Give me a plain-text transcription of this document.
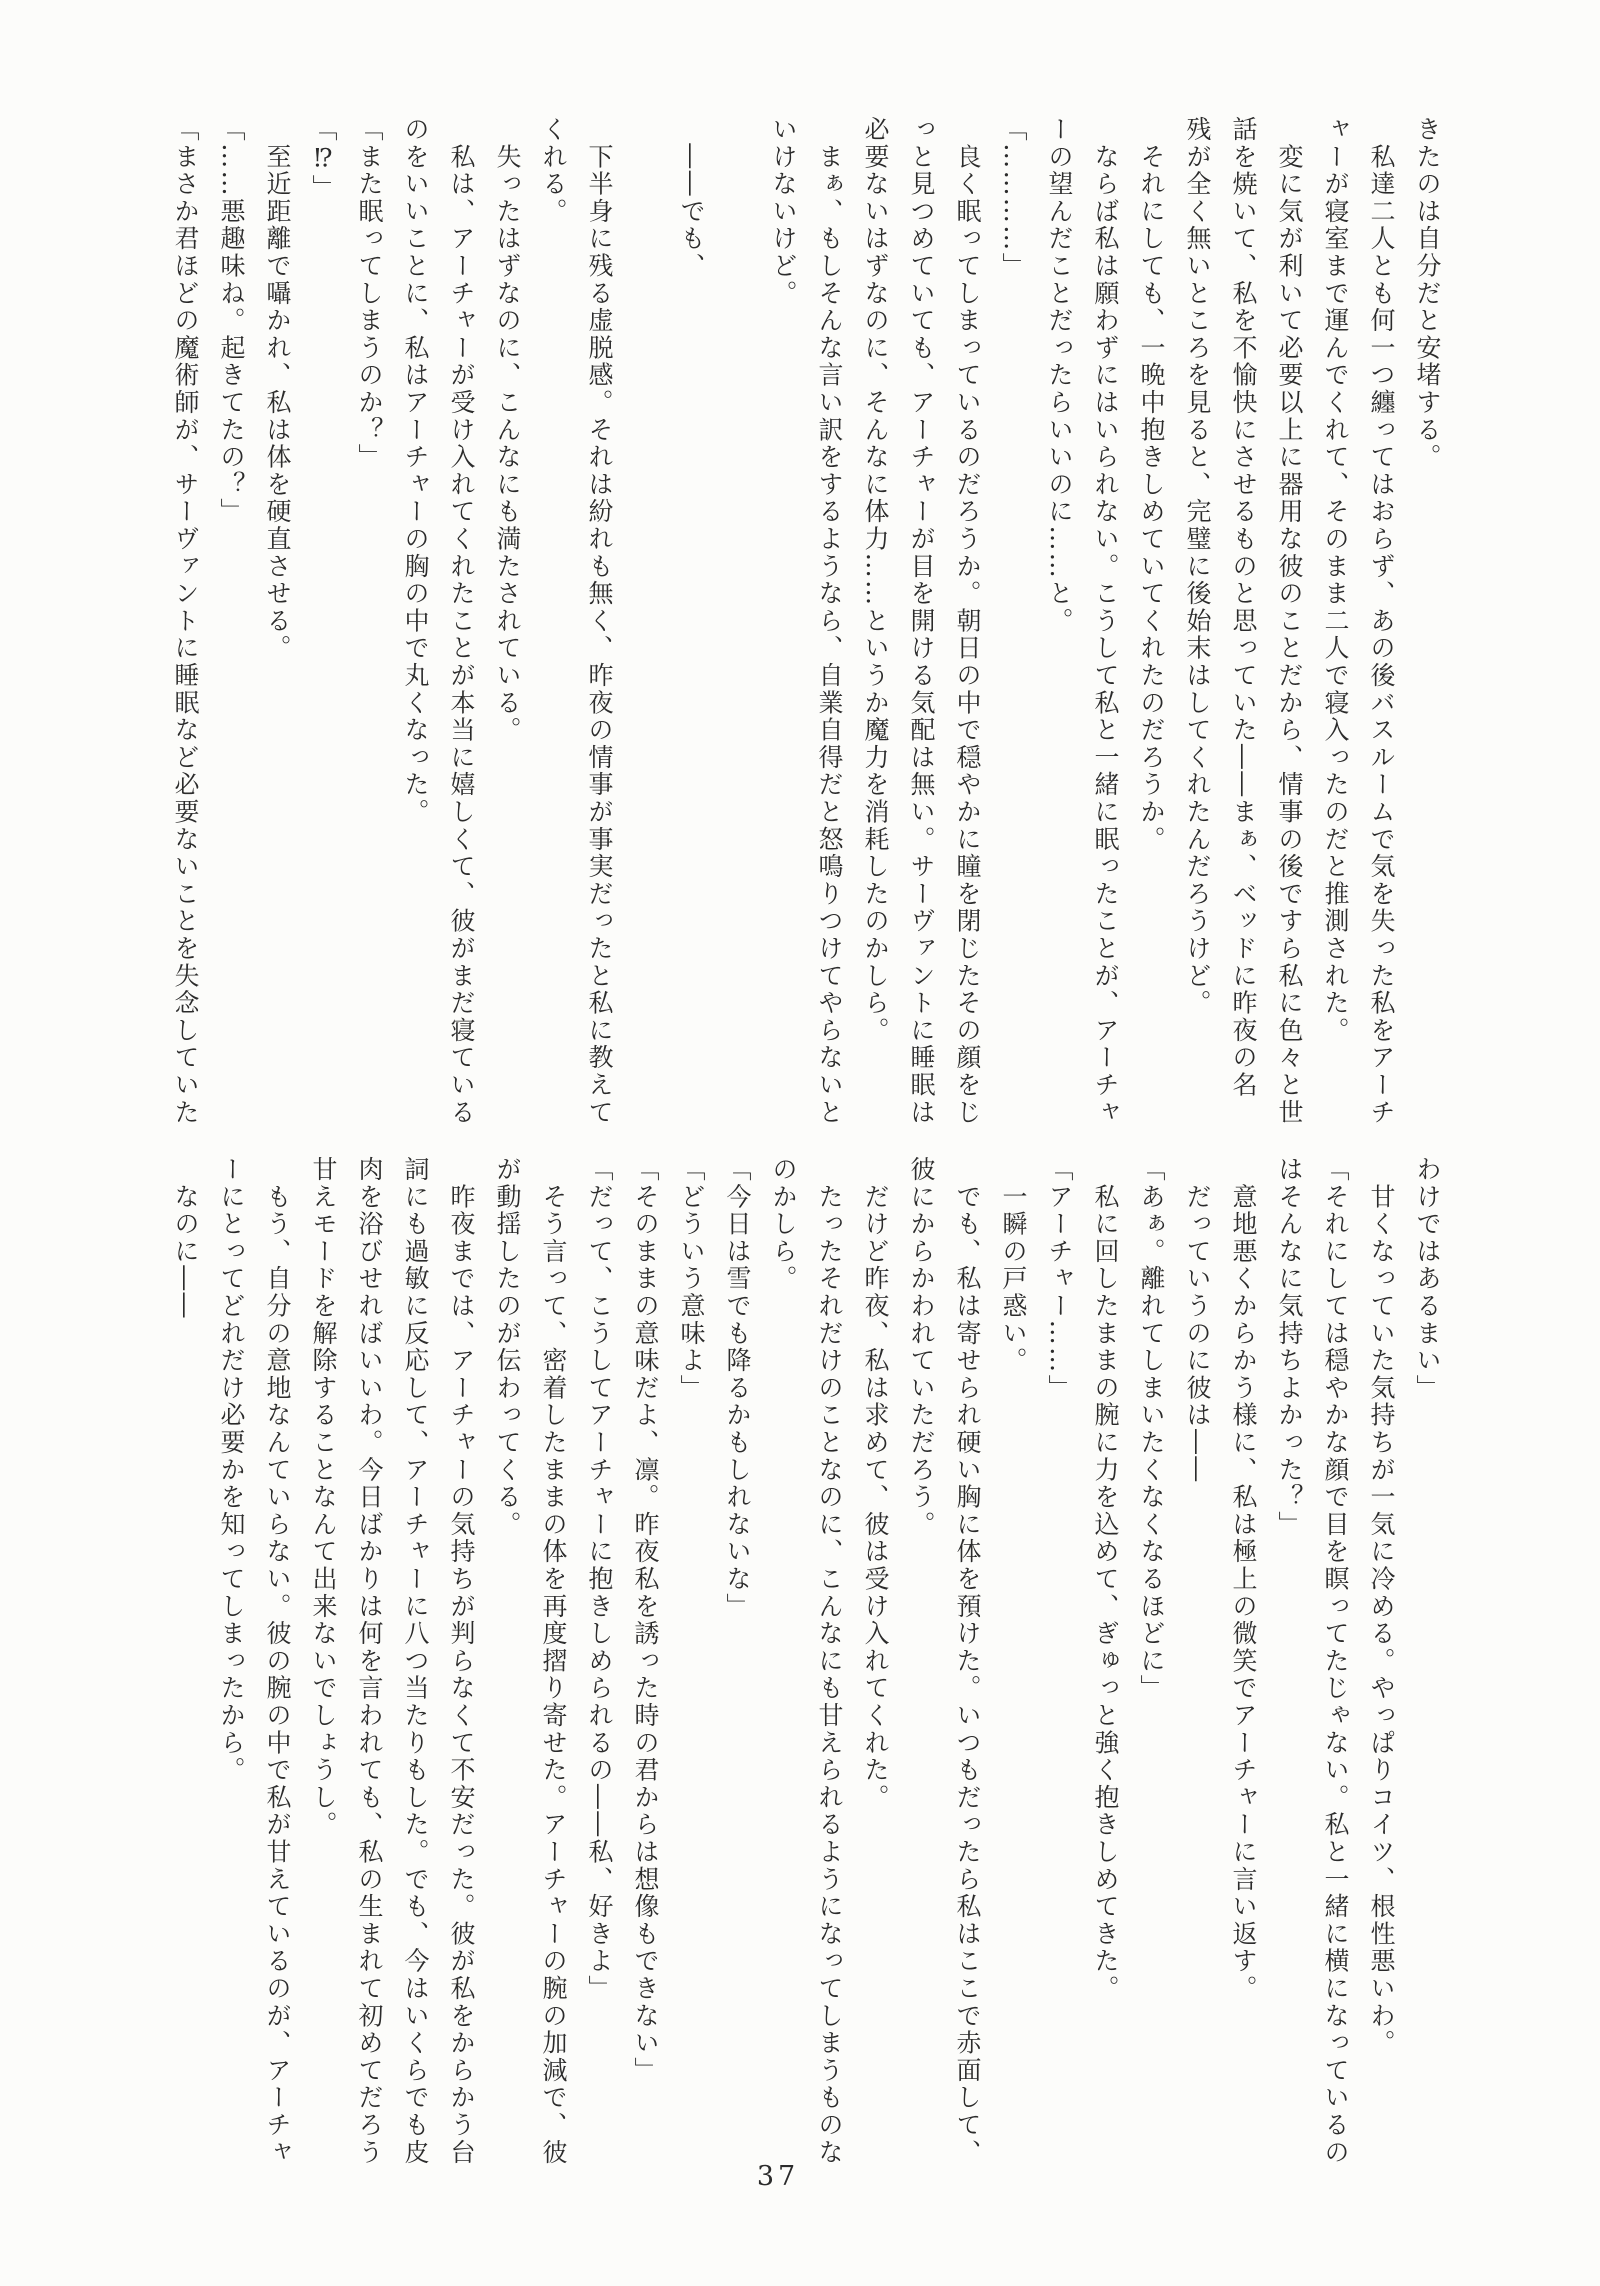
きたのは自分だと安堵する。
　私達二人とも何一つ纏ってはおらず、あの後バスルームで気を失った私をアーチ
ャーが寝室まで運んでくれて、そのまま二人で寝入ったのだと推測された。
　変に気が利いて必要以上に器用な彼のことだから、情事の後ですら私に色々と世
話を焼いて、私を不愉快にさせるものと思っていた――まぁ、ベッドに昨夜の名
残が全く無いところを見ると、完璧に後始末はしてくれたんだろうけど。
　それにしても、一晩中抱きしめていてくれたのだろうか。
　ならば私は願わずにはいられない。こうして私と一緒に眠ったことが、アーチャ
ーの望んだことだったらいいのに……と。
「…………」
　良く眠ってしまっているのだろうか。朝日の中で穏やかに瞳を閉じたその顔をじ
っと見つめていても、アーチャーが目を開ける気配は無い。サーヴァントに睡眠は
必要ないはずなのに、そんなに体力……というか魔力を消耗したのかしら。
　まぁ、もしそんな言い訳をするようなら、自業自得だと怒鳴りつけてやらないと
いけないけど。

　――でも、

　下半身に残る虚脱感。それは紛れも無く、昨夜の情事が事実だったと私に教えて
くれる。
　失ったはずなのに、こんなにも満たされている。
　私は、アーチャーが受け入れてくれたことが本当に嬉しくて、彼がまだ寝ている
のをいいことに、私はアーチャーの胸の中で丸くなった。
「また眠ってしまうのか？」
「⁉」
　至近距離で囁かれ、私は体を硬直させる。
「……悪趣味ね。起きてたの？」
「まさか君ほどの魔術師が、サーヴァントに睡眠など必要ないことを失念していた
わけではあるまい」
　甘くなっていた気持ちが一気に冷める。やっぱりコイツ、根性悪いわ。
「それにしては穏やかな顔で目を瞑ってたじゃない。私と一緒に横になっているの
はそんなに気持ちよかった？」
　意地悪くからかう様に、私は極上の微笑でアーチャーに言い返す。
　だっていうのに彼は――
「あぁ。離れてしまいたくなくなるほどに」
　私に回したままの腕に力を込めて、ぎゅっと強く抱きしめてきた。
「アーチャー……」
　一瞬の戸惑い。
　でも、私は寄せられ硬い胸に体を預けた。いつもだったら私はここで赤面して、
彼にからかわれていただろう。
　だけど昨夜、私は求めて、彼は受け入れてくれた。
　たったそれだけのことなのに、こんなにも甘えられるようになってしまうものな
のかしら。
「今日は雪でも降るかもしれないな」
「どういう意味よ」
「そのままの意味だよ、凛。昨夜私を誘った時の君からは想像もできない」
「だって、こうしてアーチャーに抱きしめられるの――私、好きよ」
　そう言って、密着したままの体を再度摺り寄せた。アーチャーの腕の加減で、彼
が動揺したのが伝わってくる。
　昨夜までは、アーチャーの気持ちが判らなくて不安だった。彼が私をからかう台
詞にも過敏に反応して、アーチャーに八つ当たりもした。でも、今はいくらでも皮
肉を浴びせればいいわ。今日ばかりは何を言われても、私の生まれて初めてだろう
甘えモードを解除することなんて出来ないでしょうし。
　もう、自分の意地なんていらない。彼の腕の中で私が甘えているのが、アーチャ
ーにとってどれだけ必要かを知ってしまったから。
　なのに――
37
